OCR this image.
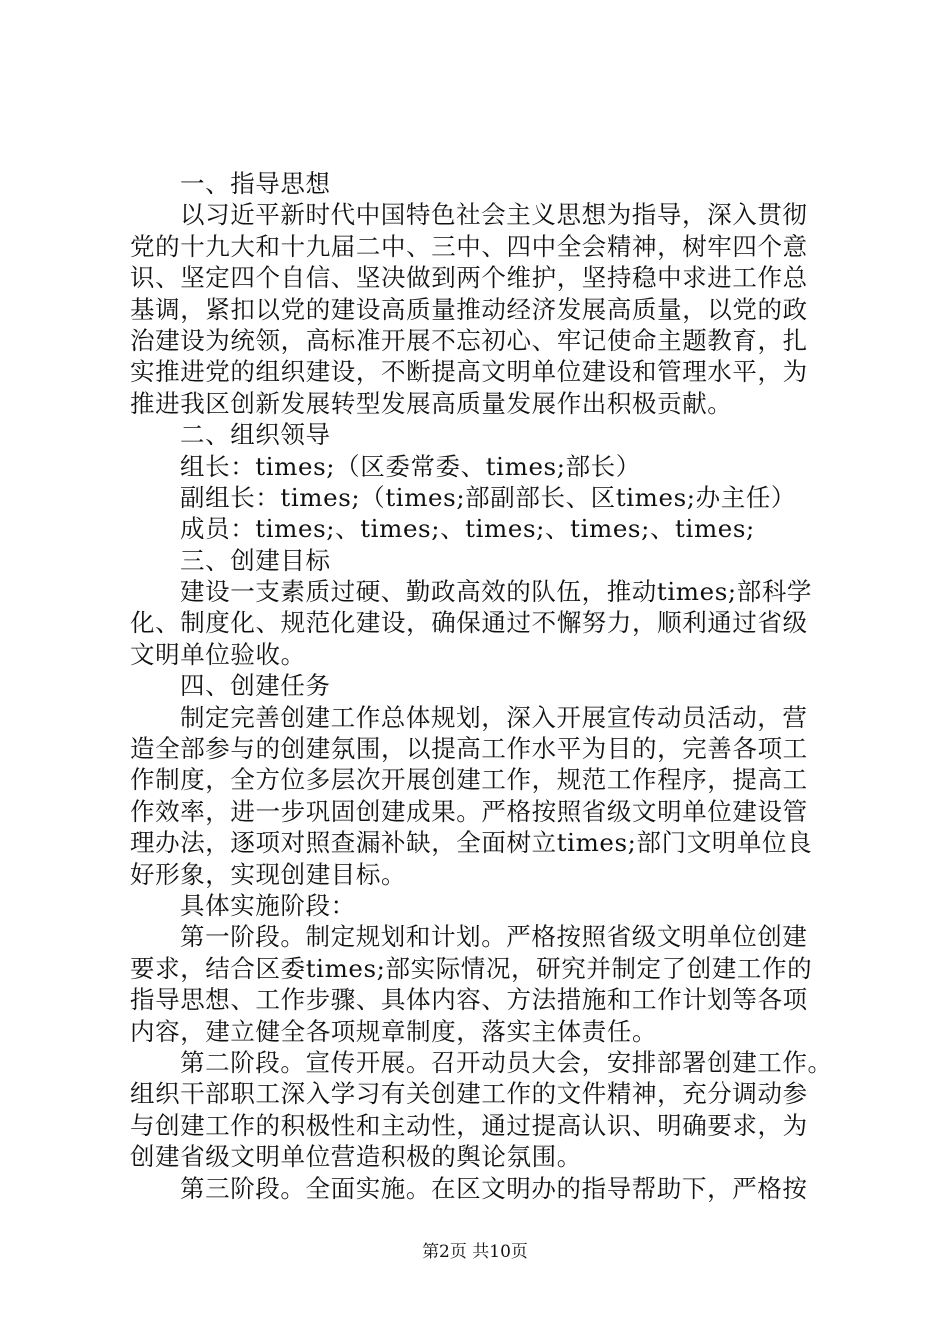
一、指导思想
以习近平新时代中国特色社会主义思想为指导，深入贯彻
党的十九大和十九届二中、三中、四中全会精神，树牢四个意
识、坚定四个自信、坚决做到两个维护，坚持稳中求进工作总
基调，紧扣以党的建设高质量推动经济发展高质量，以党的政
治建设为统领，高标准开展不忘初心、牢记使命主题教育，扎
实推进党的组织建设，不断提高文明单位建设和管理水平，为
推进我区创新发展转型发展高质量发展作出积极贡献。
二、组织领导
组长：times;（区委常委、times;部长）
副组长：times;（times;部副部长、区times;办主任）
成员：times;、times;、times;、times;、times;
三、创建目标
建设一支素质过硬、勤政高效的队伍，推动times;部科学
化、制度化、规范化建设，确保通过不懈努力，顺利通过省级
文明单位验收。
四、创建任务
制定完善创建工作总体规划，深入开展宣传动员活动，营
造全部参与的创建氛围，以提高工作水平为目的，完善各项工
作制度，全方位多层次开展创建工作，规范工作程序，提高工
作效率，进一步巩固创建成果。严格按照省级文明单位建设管
理办法，逐项对照查漏补缺，全面树立times;部门文明单位良
好形象，实现创建目标。
具体实施阶段：
第一阶段。制定规划和计划。严格按照省级文明单位创建
要求，结合区委times;部实际情况，研究并制定了创建工作的
指导思想、工作步骤、具体内容、方法措施和工作计划等各项
内容，建立健全各项规章制度，落实主体责任。
第二阶段。宣传开展。召开动员大会，安排部署创建工作。
组织干部职工深入学习有关创建工作的文件精神，充分调动参
与创建工作的积极性和主动性，通过提高认识、明确要求，为
创建省级文明单位营造积极的舆论氛围。
第三阶段。全面实施。在区文明办的指导帮助下，严格按
第2页 共10页
